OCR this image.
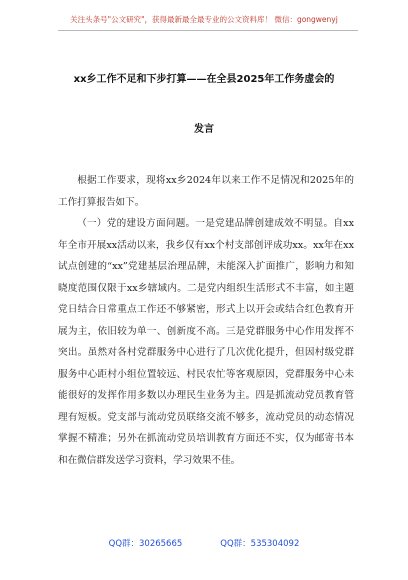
关注头条号"公文研究"，获得最新最全最专业的公文资料库！ 微信：gongwenyj
xx乡工作不足和下步打算——在全县2025年工作务虚会的
发言

根据工作要求，现将xx乡2024年以来工作不足情况和2025年的工作打算报告如下。

（一）党的建设方面问题。一是党建品牌创建成效不明显。自xx年全市开展xx活动以来，我乡仅有xx个村支部创评成功xx。xx年在xx试点创建的“xx”党建基层治理品牌，未能深入扩面推广，影响力和知晓度范围仅限于xx乡辖域内。二是党内组织生活形式不丰富，如主题党日结合日常重点工作还不够紧密，形式上以开会或结合红色教育开展为主，依旧较为单一、创新度不高。三是党群服务中心作用发挥不突出。虽然对各村党群服务中心进行了几次优化提升，但因村级党群服务中心距村小组位置较远、村民农忙等客观原因，党群服务中心未能很好的发挥作用多数以办理民生业务为主。四是抓流动党员教育管理有短板。党支部与流动党员联络交流不够多，流动党员的动态情况掌握不精准；另外在抓流动党员培训教育方面还不实，仅为邮寄书本和在微信群发送学习资料，学习效果不佳。

QQ群：30265665	QQ群：535304092
